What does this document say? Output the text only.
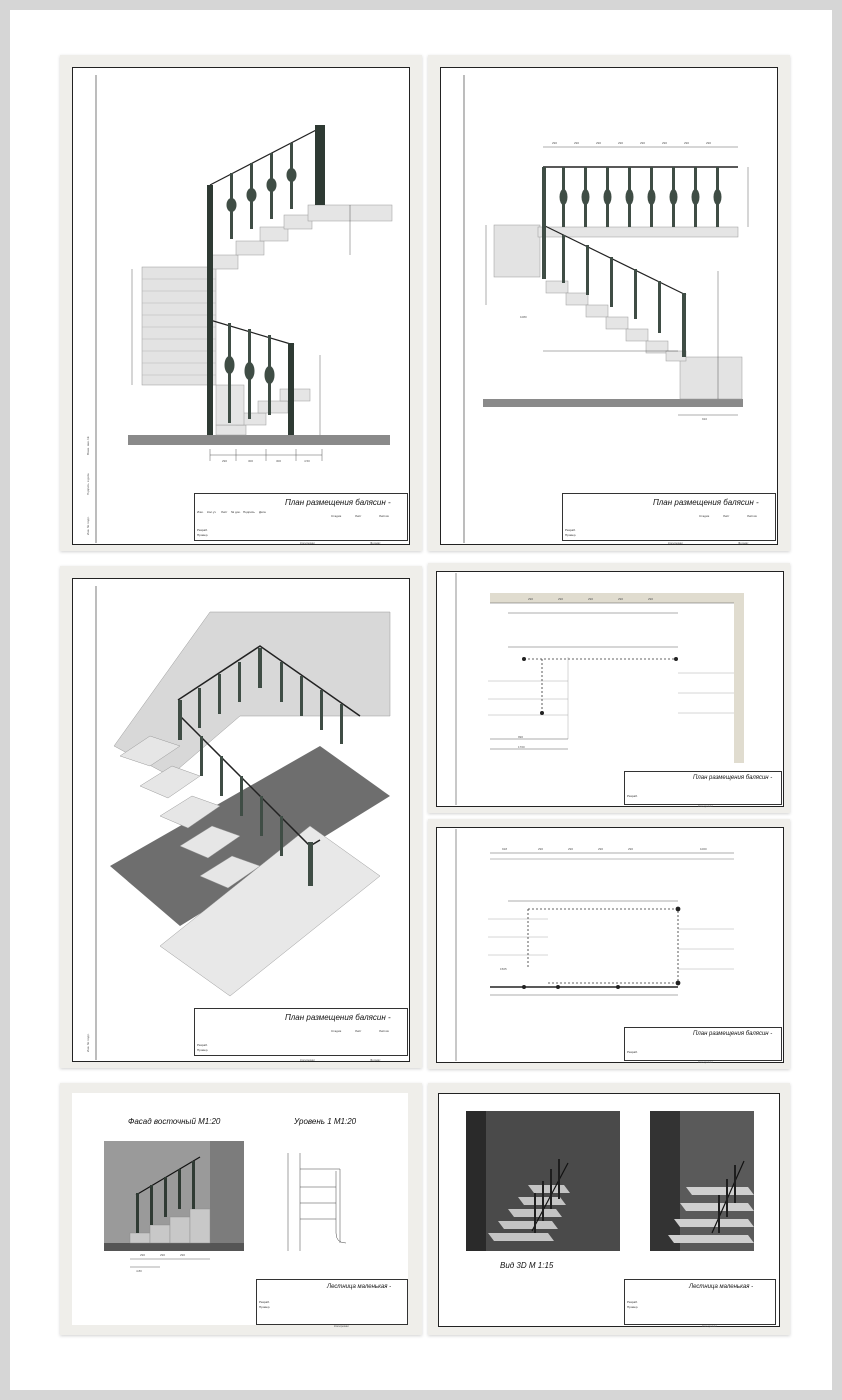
290	300	300	4.50
Инв. № подл.
Подпись и дата
Взам. инв. №
План размещения балясин -
Изм. Кол.уч Лист № док. Подпись Дата
Стадия	Лист	Листов
Разраб.
Провер.
Копировал	Формат
290	290	290	290	290	290	290	290
1080
910
План размещения балясин -
Стадия	Лист	Листов
Разраб.
Провер.
Копировал	Формат
Инв. № подл.
План размещения балясин -
Стадия	Лист	Листов
Разраб.
Провер.
Копировал	Формат
290	290	290	290	290
990
1700
План размещения балясин -
Разраб.
Копировал
918	290	290	290	290	1000
1505
План размещения балясин -
Разраб.
Копировал
Фасад восточный М1:20	Уровень 1 М1:20
290	290	290
4.80
Лестница маленькая -
Разраб.
Провер.
Копировал
Вид 3D М 1:15
Лестница маленькая -
Разраб.
Провер.
Копировал
